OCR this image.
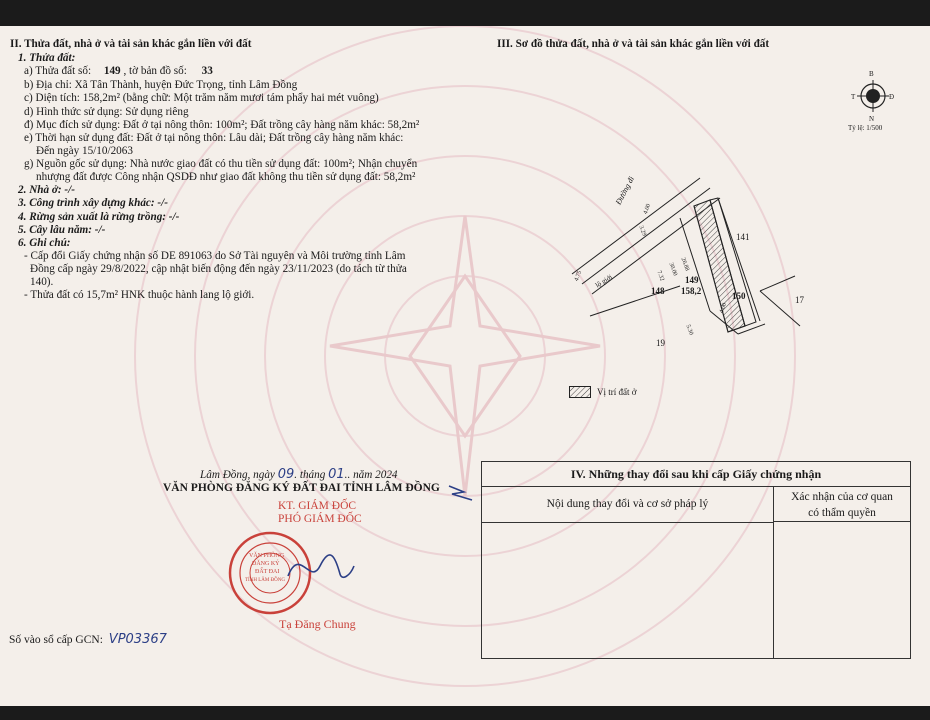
II. Thửa đất, nhà ở và tài sản khác gắn liền với đất
1. Thửa đất:
a) Thửa đất số: 149 , tờ bản đồ số: 33
b) Địa chỉ: Xã Tân Thành, huyện Đức Trọng, tỉnh Lâm Đồng
c) Diện tích: 158,2m² (bằng chữ: Một trăm năm mươi tám phẩy hai mét vuông)
d) Hình thức sử dụng: Sử dụng riêng
đ) Mục đích sử dụng: Đất ở tại nông thôn: 100m²; Đất trồng cây hàng năm khác: 58,2m²
e) Thời hạn sử dụng đất: Đất ở tại nông thôn: Lâu dài; Đất trồng cây hàng năm khác:
Đến ngày 15/10/2063
g) Nguồn gốc sử dụng: Nhà nước giao đất có thu tiền sử dụng đất: 100m²; Nhận chuyển
nhượng đất được Công nhận QSDĐ như giao đất không thu tiền sử dụng đất: 58,2m²
2. Nhà ở: -/-
3. Công trình xây dựng khác: -/-
4. Rừng sản xuất là rừng trồng: -/-
5. Cây lâu năm: -/-
6. Ghi chú:
- Cấp đổi Giấy chứng nhận số DE 891063 do Sở Tài nguyên và Môi trường tỉnh Lâm
Đồng cấp ngày 29/8/2022, cập nhật biến động đến ngày 23/11/2023 (do tách từ thửa
140).
- Thửa đất có 15,7m² HNK thuộc hành lang lộ giới.
III. Sơ đồ thửa đất, nhà ở và tài sản khác gắn liền với đất
B
N
T	Đ
Tỷ lệ: 1/500
Đường đi
lộ giới
141
148
149
158,2	150	17
19
4.75
4.00
26.88
30.00
3.29
4.00
5.30
7.32
Vị trí đất ở
Lâm Đồng, ngày 09. tháng 01.. năm 2024
VĂN PHÒNG ĐĂNG KÝ ĐẤT ĐAI TỈNH LÂM ĐỒNG
KT. GIÁM ĐỐC
PHÓ GIÁM ĐỐC
VĂN PHÒNG
ĐĂNG KÝ
ĐẤT ĐAI
TỈNH LÂM ĐỒNG
Tạ Đăng Chung
Số vào sổ cấp GCN: VP03367
IV. Những thay đổi sau khi cấp Giấy chứng nhận
Nội dung thay đổi và cơ sở pháp lý
Xác nhận của cơ quan
có thẩm quyền
